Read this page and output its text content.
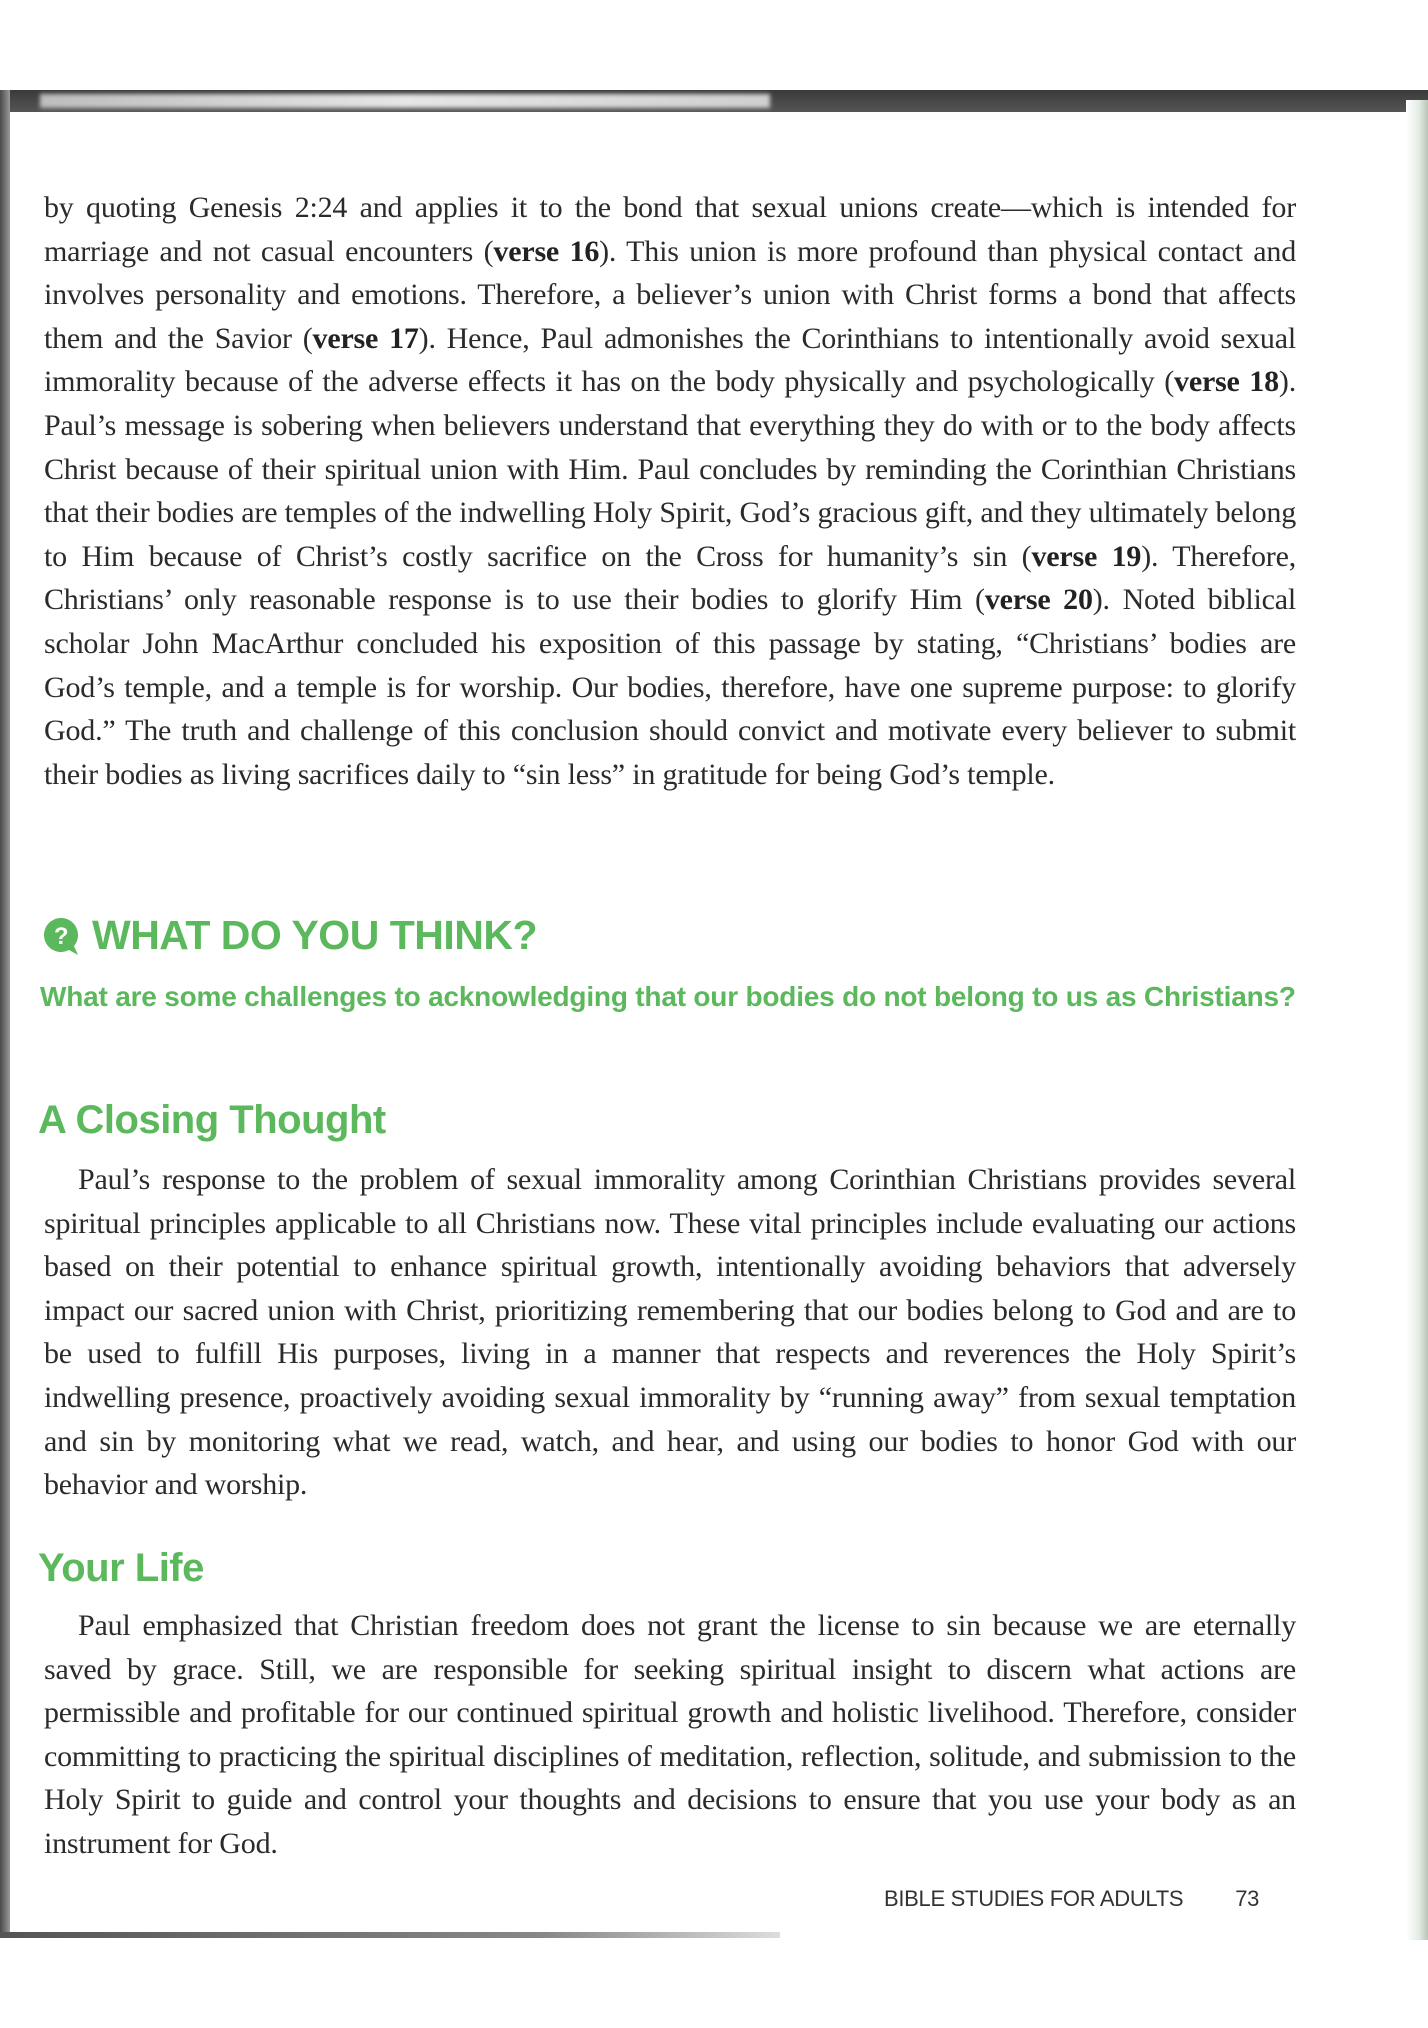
by quoting Genesis 2:24 and applies it to the bond that sexual unions create—which is intended for marriage and not casual encounters (verse 16). This union is more profound than physical contact and involves personality and emotions. Therefore, a believer’s union with Christ forms a bond that affects them and the Savior (verse 17). Hence, Paul admonishes the Corinthians to intentionally avoid sexual immorality because of the adverse effects it has on the body physically and psychologically (verse 18). Paul’s message is sobering when believers understand that everything they do with or to the body affects Christ because of their spiritual union with Him. Paul concludes by reminding the Corinthian Christians that their bodies are temples of the indwelling Holy Spirit, God’s gracious gift, and they ultimately belong to Him because of Christ’s costly sacrifice on the Cross for humanity’s sin (verse 19). Therefore, Christians’ only reasonable response is to use their bodies to glorify Him (verse 20). Noted biblical scholar John MacArthur concluded his exposition of this passage by stating, “Christians’ bodies are God’s temple, and a temple is for worship. Our bodies, therefore, have one supreme purpose: to glorify God.” The truth and challenge of this conclusion should convict and motivate every believer to submit their bodies as living sacrifices daily to “sin less” in gratitude for being God’s temple.
? WHAT DO YOU THINK?
What are some challenges to acknowledging that our bodies do not belong to us as Christians?
A Closing Thought
Paul’s response to the problem of sexual immorality among Corinthian Christians provides several spiritual principles applicable to all Christians now. These vital principles include evaluating our actions based on their potential to enhance spiritual growth, intentionally avoiding behaviors that adversely impact our sacred union with Christ, prioritizing remembering that our bodies belong to God and are to be used to fulfill His purposes, living in a manner that respects and reverences the Holy Spirit’s indwelling presence, proactively avoiding sexual immorality by “running away” from sexual temptation and sin by monitoring what we read, watch, and hear, and using our bodies to honor God with our behavior and worship.
Your Life
Paul emphasized that Christian freedom does not grant the license to sin because we are eternally saved by grace. Still, we are responsible for seeking spiritual insight to discern what actions are permissible and profitable for our continued spiritual growth and holistic livelihood. Therefore, consider committing to practicing the spiritual disciplines of meditation, reflection, solitude, and submission to the Holy Spirit to guide and control your thoughts and decisions to ensure that you use your body as an instrument for God.
BIBLE STUDIES FOR ADULTS 73
